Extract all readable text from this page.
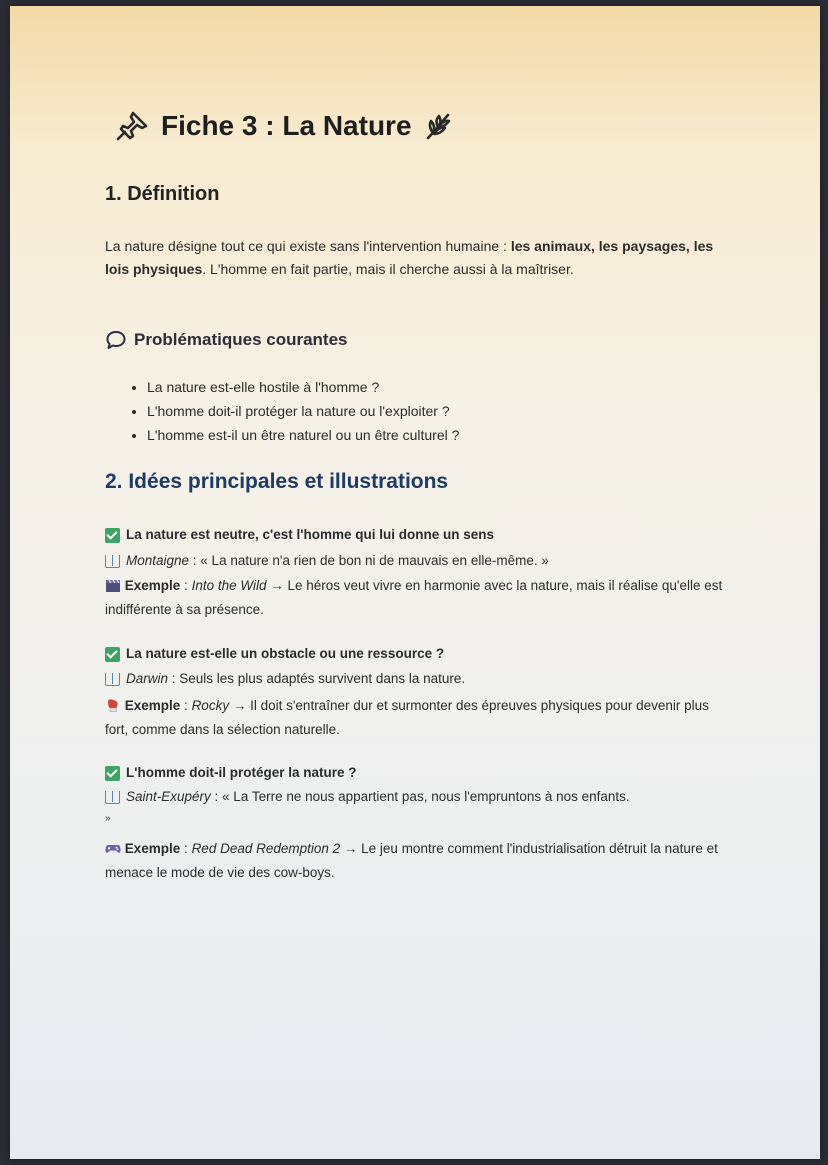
Fiche 3 : La Nature
1. Définition
La nature désigne tout ce qui existe sans l'intervention humaine : les animaux, les paysages, les lois physiques. L'homme en fait partie, mais il cherche aussi à la maîtriser.
Problématiques courantes
• La nature est-elle hostile à l'homme ?
• L'homme doit-il protéger la nature ou l'exploiter ?
• L'homme est-il un être naturel ou un être culturel ?
2. Idées principales et illustrations
La nature est neutre, c'est l'homme qui lui donne un sens
Montaigne : « La nature n'a rien de bon ni de mauvais en elle-même. »
Exemple : Into the Wild → Le héros veut vivre en harmonie avec la nature, mais il réalise qu'elle est indifférente à sa présence.
La nature est-elle un obstacle ou une ressource ?
Darwin : Seuls les plus adaptés survivent dans la nature.
Exemple : Rocky → Il doit s'entraîner dur et surmonter des épreuves physiques pour devenir plus fort, comme dans la sélection naturelle.
L'homme doit-il protéger la nature ?
Saint-Exupéry : « La Terre ne nous appartient pas, nous l'empruntons à nos enfants.
»
Exemple : Red Dead Redemption 2 → Le jeu montre comment l'industrialisation détruit la nature et menace le mode de vie des cow-boys.
